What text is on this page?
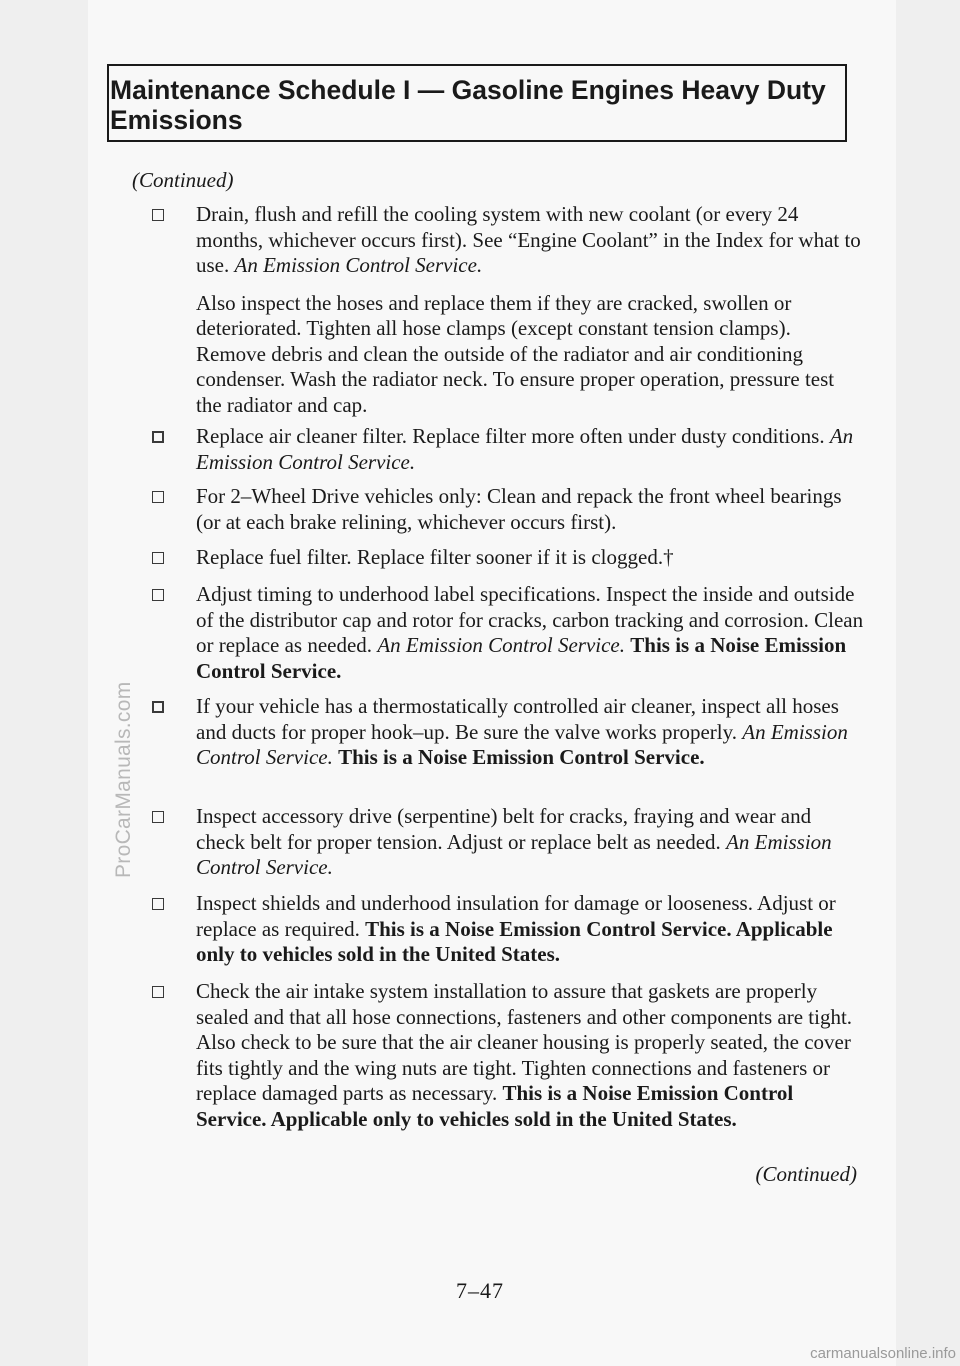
ProCarManuals.com
Maintenance Schedule I — Gasoline Engines Heavy Duty Emissions
(Continued)

Drain, flush and refill the cooling system with new coolant (or every 24 months, whichever occurs first). See “Engine Coolant” in the Index for what to use. An Emission Control Service.

Also inspect the hoses and replace them if they are cracked, swollen or deteriorated. Tighten all hose clamps (except constant tension clamps). Remove debris and clean the outside of the radiator and air conditioning condenser. Wash the radiator neck. To ensure proper operation, pressure test the radiator and cap.

Replace air cleaner filter. Replace filter more often under dusty conditions. An Emission Control Service.

For 2–Wheel Drive vehicles only: Clean and repack the front wheel bearings (or at each brake relining, whichever occurs first).

Replace fuel filter. Replace filter sooner if it is clogged.†

Adjust timing to underhood label specifications. Inspect the inside and outside of the distributor cap and rotor for cracks, carbon tracking and corrosion. Clean or replace as needed. An Emission Control Service. This is a Noise Emission Control Service.

If your vehicle has a thermostatically controlled air cleaner, inspect all hoses and ducts for proper hook–up. Be sure the valve works properly. An Emission Control Service. This is a Noise Emission Control Service.

Inspect accessory drive (serpentine) belt for cracks, fraying and wear and check belt for proper tension. Adjust or replace belt as needed. An Emission Control Service.

Inspect shields and underhood insulation for damage or looseness. Adjust or replace as required. This is a Noise Emission Control Service. Applicable only to vehicles sold in the United States.

Check the air intake system installation to assure that gaskets are properly sealed and that all hose connections, fasteners and other components are tight. Also check to be sure that the air cleaner housing is properly seated, the cover fits tightly and the wing nuts are tight. Tighten connections and fasteners or replace damaged parts as necessary. This is a Noise Emission Control Service. Applicable only to vehicles sold in the United States.

(Continued)
7–47
carmanualsonline.info
